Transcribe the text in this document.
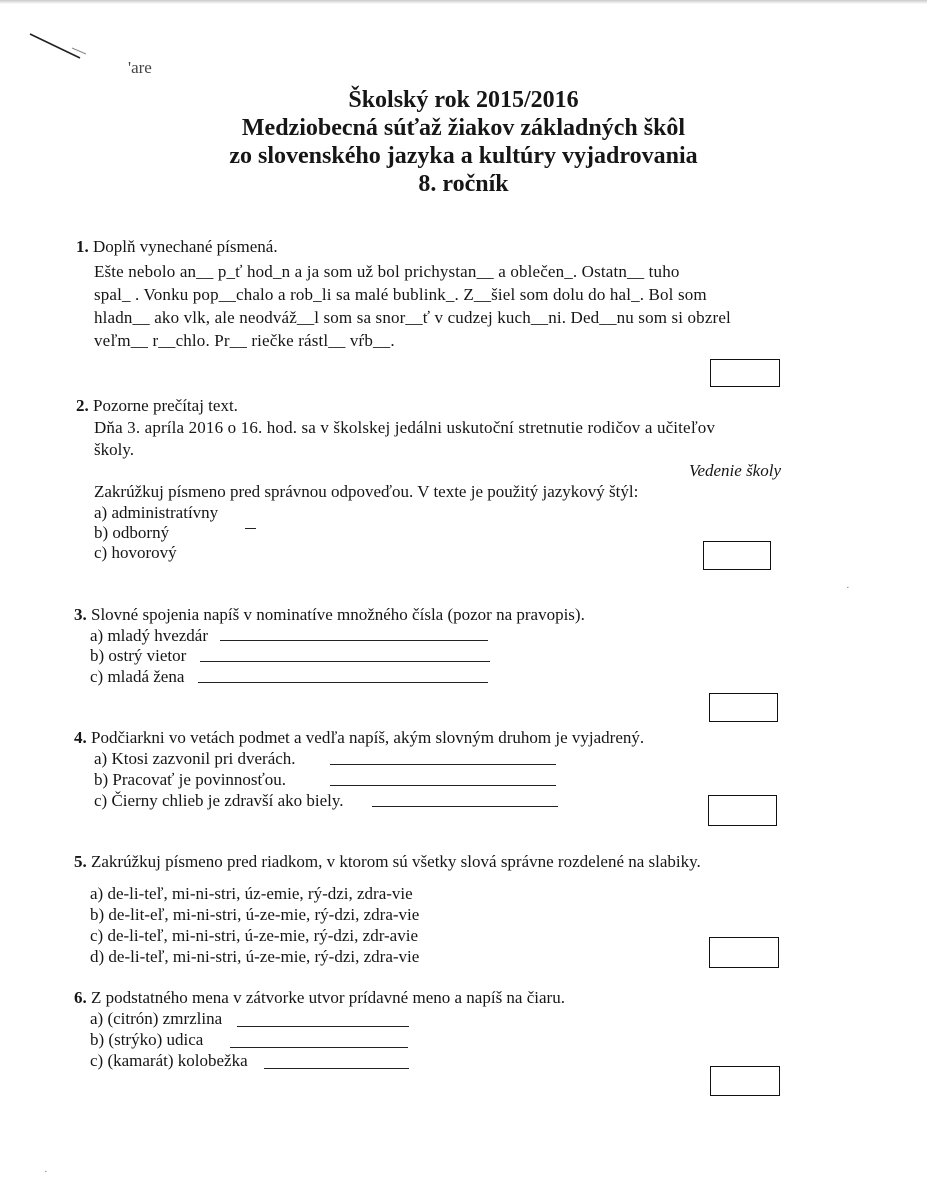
'are
Školský rok 2015/2016
Medziobecná súťaž žiakov základných škôl
zo slovenského jazyka a kultúry vyjadrovania
8. ročník
1. Doplň vynechané písmená.
Ešte nebolo an__ p_ť hod_n a ja som už bol prichystan__ a oblečen_. Ostatn__ tuho
spal_ . Vonku pop__chalo a rob_li sa malé bublink_. Z__šiel som dolu do hal_. Bol som
hladn__ ako vlk, ale neodváž__l som sa snor__ť v cudzej kuch__ni. Ded__nu som si obzrel
veľm__ r__chlo. Pr__ riečke rástl__ vŕb__.
2. Pozorne prečítaj text.
Dňa 3. apríla 2016 o 16. hod. sa v školskej jedálni uskutoční stretnutie rodičov a učiteľov
školy.
Vedenie školy
Zakrúžkuj písmeno pred správnou odpoveďou. V texte je použitý jazykový štýl:
a) administratívny
b) odborný
c) hovorový
3. Slovné spojenia napíš v nominatíve množného čísla (pozor na pravopis).
a) mladý hvezdár
b) ostrý vietor
c) mladá žena
4. Podčiarkni vo vetách podmet a vedľa napíš, akým slovným druhom je vyjadrený.
a) Ktosi zazvonil pri dverách.
b) Pracovať je povinnosťou.
c) Čierny chlieb je zdravší ako biely.
5. Zakrúžkuj písmeno pred riadkom, v ktorom sú všetky slová správne rozdelené na slabiky.
a) de-li-teľ, mi-ni-stri, úz-emie, rý-dzi, zdra-vie
b) de-lit-eľ, mi-ni-stri, ú-ze-mie, rý-dzi, zdra-vie
c) de-li-teľ, mi-ni-stri, ú-ze-mie, rý-dzi, zdr-avie
d) de-li-teľ, mi-ni-stri, ú-ze-mie, rý-dzi, zdra-vie
6. Z podstatného mena v zátvorke utvor prídavné meno a napíš na čiaru.
a) (citrón) zmrzlina
b) (strýko) udica
c) (kamarát) kolobežka
·
·
